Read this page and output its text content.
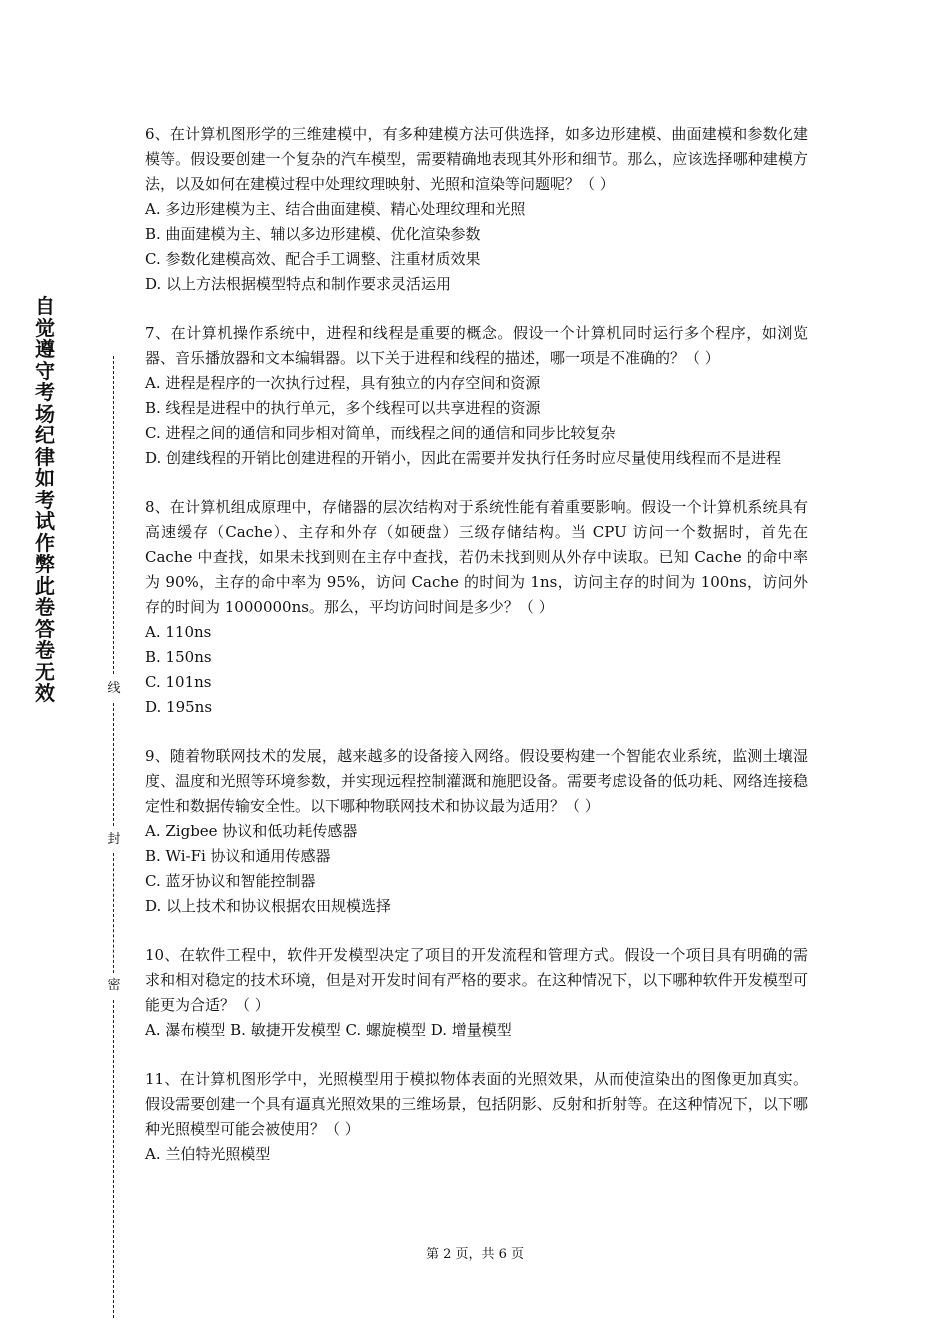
自觉遵守考场纪律如考试作弊此卷答卷无效	线
封
密
6、在计算机图形学的三维建模中，有多种建模方法可供选择，如多边形建模、曲面建模和参数化建模等。假设要创建一个复杂的汽车模型，需要精确地表现其外形和细节。那么，应该选择哪种建模方法，以及如何在建模过程中处理纹理映射、光照和渲染等问题呢？（ ）
A. 多边形建模为主、结合曲面建模、精心处理纹理和光照
B. 曲面建模为主、辅以多边形建模、优化渲染参数
C. 参数化建模高效、配合手工调整、注重材质效果
D. 以上方法根据模型特点和制作要求灵活运用
7、在计算机操作系统中，进程和线程是重要的概念。假设一个计算机同时运行多个程序，如浏览器、音乐播放器和文本编辑器。以下关于进程和线程的描述，哪一项是不准确的？（ ）
A. 进程是程序的一次执行过程，具有独立的内存空间和资源
B. 线程是进程中的执行单元，多个线程可以共享进程的资源
C. 进程之间的通信和同步相对简单，而线程之间的通信和同步比较复杂
D. 创建线程的开销比创建进程的开销小，因此在需要并发执行任务时应尽量使用线程而不是进程
8、在计算机组成原理中，存储器的层次结构对于系统性能有着重要影响。假设一个计算机系统具有高速缓存（Cache）、主存和外存（如硬盘）三级存储结构。当 CPU 访问一个数据时，首先在 Cache 中查找，如果未找到则在主存中查找，若仍未找到则从外存中读取。已知 Cache 的命中率为 90%，主存的命中率为 95%，访问 Cache 的时间为 1ns，访问主存的时间为 100ns，访问外存的时间为 1000000ns。那么，平均访问时间是多少？（ ）
A. 110ns
B. 150ns
C. 101ns
D. 195ns
9、随着物联网技术的发展，越来越多的设备接入网络。假设要构建一个智能农业系统，监测土壤湿度、温度和光照等环境参数，并实现远程控制灌溉和施肥设备。需要考虑设备的低功耗、网络连接稳定性和数据传输安全性。以下哪种物联网技术和协议最为适用？（ ）
A. Zigbee 协议和低功耗传感器
B. Wi-Fi 协议和通用传感器
C. 蓝牙协议和智能控制器
D. 以上技术和协议根据农田规模选择
10、在软件工程中，软件开发模型决定了项目的开发流程和管理方式。假设一个项目具有明确的需求和相对稳定的技术环境，但是对开发时间有严格的要求。在这种情况下，以下哪种软件开发模型可能更为合适？（ ）
A. 瀑布模型 B. 敏捷开发模型 C. 螺旋模型 D. 增量模型
11、在计算机图形学中，光照模型用于模拟物体表面的光照效果，从而使渲染出的图像更加真实。假设需要创建一个具有逼真光照效果的三维场景，包括阴影、反射和折射等。在这种情况下，以下哪种光照模型可能会被使用？（ ）
A. 兰伯特光照模型
第 2 页，共 6 页
